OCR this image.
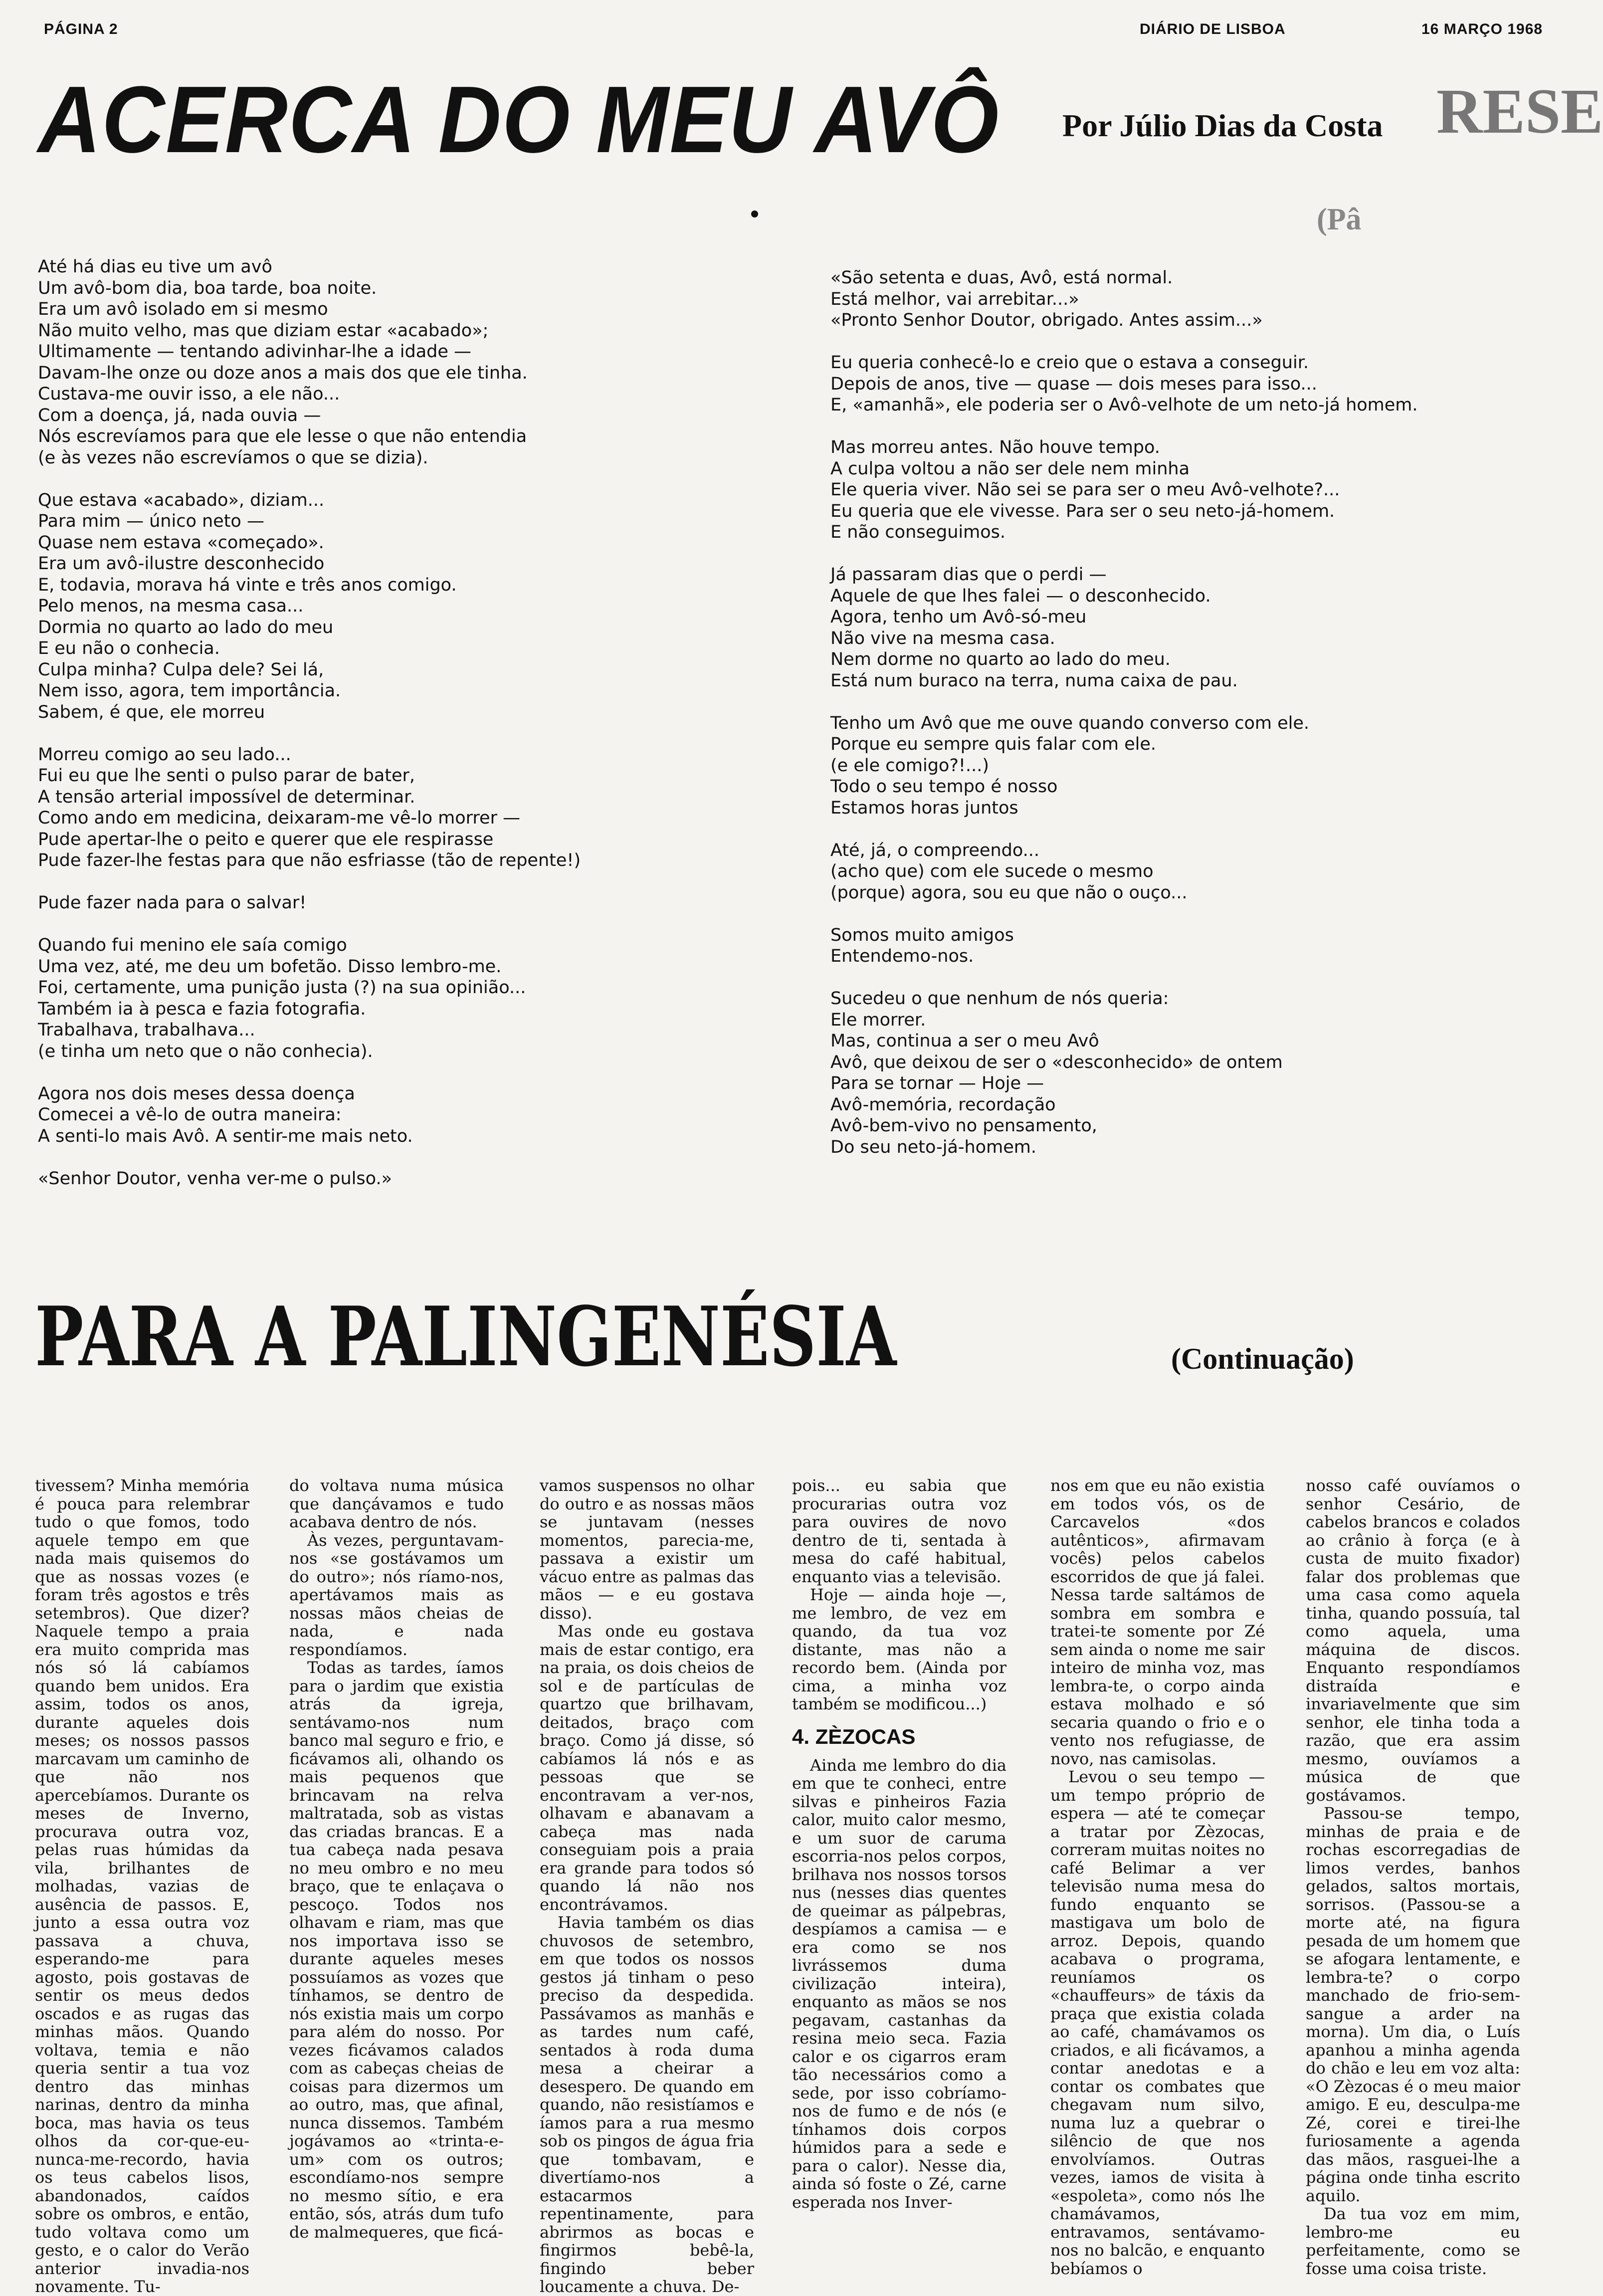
PÁGINA 2	DIÁRIO DE LISBOA	16 MARÇO 1968
ACERCA DO MEU AVÔ Por Júlio Dias da Costa RESE
(Pâ
Até há dias eu tive um avô
Um avô-bom dia, boa tarde, boa noite.
Era um avô isolado em si mesmo
Não muito velho, mas que diziam estar «acabado»;
Ultimamente — tentando adivinhar-lhe a idade —
Davam-lhe onze ou doze anos a mais dos que ele tinha.
Custava-me ouvir isso, a ele não...
Com a doença, já, nada ouvia —
Nós escrevíamos para que ele lesse o que não entendia
(e às vezes não escrevíamos o que se dizia).
Que estava «acabado», diziam...
Para mim — único neto —
Quase nem estava «começado».
Era um avô-ilustre desconhecido
E, todavia, morava há vinte e três anos comigo.
Pelo menos, na mesma casa...
Dormia no quarto ao lado do meu
E eu não o conhecia.
Culpa minha? Culpa dele? Sei lá,
Nem isso, agora, tem importância.
Sabem, é que, ele morreu
Morreu comigo ao seu lado...
Fui eu que lhe senti o pulso parar de bater,
A tensão arterial impossível de determinar.
Como ando em medicina, deixaram-me vê-lo morrer —
Pude apertar-lhe o peito e querer que ele respirasse
Pude fazer-lhe festas para que não esfriasse (tão de repente!)
Pude fazer nada para o salvar!
Quando fui menino ele saía comigo
Uma vez, até, me deu um bofetão. Disso lembro-me.
Foi, certamente, uma punição justa (?) na sua opinião...
Também ia à pesca e fazia fotografia.
Trabalhava, trabalhava...
(e tinha um neto que o não conhecia).
Agora nos dois meses dessa doença
Comecei a vê-lo de outra maneira:
A senti-lo mais Avô. A sentir-me mais neto.
«Senhor Doutor, venha ver-me o pulso.»
«São setenta e duas, Avô, está normal.
Está melhor, vai arrebitar...»
«Pronto Senhor Doutor, obrigado. Antes assim...»
Eu queria conhecê-lo e creio que o estava a conseguir.
Depois de anos, tive — quase — dois meses para isso...
E, «amanhã», ele poderia ser o Avô-velhote de um neto-já homem.
Mas morreu antes. Não houve tempo.
A culpa voltou a não ser dele nem minha
Ele queria viver. Não sei se para ser o meu Avô-velhote?...
Eu queria que ele vivesse. Para ser o seu neto-já-homem.
E não conseguimos.
Já passaram dias que o perdi —
Aquele de que lhes falei — o desconhecido.
Agora, tenho um Avô-só-meu
Não vive na mesma casa.
Nem dorme no quarto ao lado do meu.
Está num buraco na terra, numa caixa de pau.
Tenho um Avô que me ouve quando converso com ele.
Porque eu sempre quis falar com ele.
(e ele comigo?!...)
Todo o seu tempo é nosso
Estamos horas juntos
Até, já, o compreendo...
(acho que) com ele sucede o mesmo
(porque) agora, sou eu que não o ouço...
Somos muito amigos
Entendemo-nos.
Sucedeu o que nenhum de nós queria:
Ele morrer.
Mas, continua a ser o meu Avô
Avô, que deixou de ser o «desconhecido» de ontem
Para se tornar — Hoje —
Avô-memória, recordação
Avô-bem-vivo no pensamento,
Do seu neto-já-homem.
PARA A PALINGENÉSIA	(Continuação)

tivessem? Minha memória é pouca para relembrar tudo o que fomos, todo aquele tempo em que nada mais quisemos do que as nossas vozes (e foram três agostos e três setembros). Que dizer? Naquele tempo a praia era muito comprida mas nós só lá cabíamos quando bem unidos. Era assim, todos os anos, durante aqueles dois meses; os nossos passos marcavam um caminho de que não nos apercebíamos. Durante os meses de Inverno, procurava outra voz, pelas ruas húmidas da vila, brilhantes de molhadas, vazias de ausência de passos. E, junto a essa outra voz passava a chuva, esperando-me para agosto, pois gostavas de sentir os meus dedos oscados e as rugas das minhas mãos. Quando voltava, temia e não queria sentir a tua voz dentro das minhas narinas, dentro da minha boca, mas havia os teus olhos da cor-que-eu-nunca-me-recordo, havia os teus cabelos lisos, abandonados, caídos sobre os ombros, e então, tudo voltava como um gesto, e o calor do Verão anterior invadia-nos novamente. Tu-

do voltava numa música que dançávamos e tudo acabava dentro de nós.

Às vezes, perguntavam-nos «se gostávamos um do outro»; nós ríamo-nos, apertávamos mais as nossas mãos cheias de nada, e nada respondíamos.

Todas as tardes, íamos para o jardim que existia atrás da igreja, sentávamo-nos num banco mal seguro e frio, e ficávamos ali, olhando os mais pequenos que brincavam na relva maltratada, sob as vistas das criadas brancas. E a tua cabeça nada pesava no meu ombro e no meu braço, que te enlaçava o pescoço. Todos nos olhavam e riam, mas que nos importava isso se durante aqueles meses possuíamos as vozes que tínhamos, se dentro de nós existia mais um corpo para além do nosso. Por vezes ficávamos calados com as cabeças cheias de coisas para dizermos um ao outro, mas, que afinal, nunca dissemos. Também jogávamos ao «trinta-e-um» com os outros; escondíamo-nos sempre no mesmo sítio, e era então, sós, atrás dum tufo de malmequeres, que ficá-

vamos suspensos no olhar do outro e as nossas mãos se juntavam (nesses momentos, parecia-me, passava a existir um vácuo entre as palmas das mãos — e eu gostava disso).

Mas onde eu gostava mais de estar contigo, era na praia, os dois cheios de sol e de partículas de quartzo que brilhavam, deitados, braço com braço. Como já disse, só cabíamos lá nós e as pessoas que se encontravam a ver-nos, olhavam e abanavam a cabeça mas nada conseguiam pois a praia era grande para todos só quando lá não nos encontrávamos.

Havia também os dias chuvosos de setembro, em que todos os nossos gestos já tinham o peso preciso da despedida. Passávamos as manhãs e as tardes num café, sentados à roda duma mesa a cheirar a desespero. De quando em quando, não resistíamos e íamos para a rua mesmo sob os pingos de água fria que tombavam, e divertíamo-nos a estacarmos repentinamente, para abrirmos as bocas e fingirmos bebê-la, fingindo beber loucamente a chuva. De-

pois... eu sabia que procurarias outra voz para ouvires de novo dentro de ti, sentada à mesa do café habitual, enquanto vias a televisão.

Hoje — ainda hoje —, me lembro, de vez em quando, da tua voz distante, mas não a recordo bem. (Ainda por cima, a minha voz também se modificou...)

4. ZÈZOCAS

Ainda me lembro do dia em que te conheci, entre silvas e pinheiros Fazia calor, muito calor mesmo, e um suor de caruma escorria-nos pelos corpos, brilhava nos nossos torsos nus (nesses dias quentes de queimar as pálpebras, despíamos a camisa — e era como se nos livrássemos duma civilização inteira), enquanto as mãos se nos pegavam, castanhas da resina meio seca. Fazia calor e os cigarros eram tão necessários como a sede, por isso cobríamo-nos de fumo e de nós (e tínhamos dois corpos húmidos para a sede e para o calor). Nesse dia, ainda só foste o Zé, carne esperada nos Inver-

nos em que eu não existia em todos vós, os de Carcavelos «dos autênticos», afirmavam vocês) pelos cabelos escorridos de que já falei. Nessa tarde saltámos de sombra em sombra e tratei-te somente por Zé sem ainda o nome me sair inteiro de minha voz, mas lembra-te, o corpo ainda estava molhado e só secaria quando o frio e o vento nos refugiasse, de novo, nas camisolas.

Levou o seu tempo — um tempo próprio de espera — até te começar a tratar por Zèzocas, correram muitas noites no café Belimar a ver televisão numa mesa do fundo enquanto se mastigava um bolo de arroz. Depois, quando acabava o programa, reuníamos os «chauffeurs» de táxis da praça que existia colada ao café, chamávamos os criados, e ali ficávamos, a contar anedotas e a contar os combates que chegavam num silvo, numa luz a quebrar o silêncio de que nos envolvíamos. Outras vezes, iamos de visita à «espoleta», como nós lhe chamávamos, entravamos, sentávamo-nos no balcão, e enquanto bebíamos o

nosso café ouvíamos o senhor Cesário, de cabelos brancos e colados ao crânio à força (e à custa de muito fixador) falar dos problemas que uma casa como aquela tinha, quando possuía, tal como aquela, uma máquina de discos. Enquanto respondíamos distraída e invariavelmente que sim senhor, ele tinha toda a razão, que era assim mesmo, ouvíamos a música de que gostávamos.

Passou-se tempo, minhas de praia e de rochas escorregadias de limos verdes, banhos gelados, saltos mortais, sorrisos. (Passou-se a morte até, na figura pesada de um homem que se afogara lentamente, e lembra-te? o corpo manchado de frio-sem-sangue a arder na morna). Um dia, o Luís apanhou a minha agenda do chão e leu em voz alta: «O Zèzocas é o meu maior amigo. E eu, desculpa-me Zé, corei e tirei-lhe furiosamente a agenda das mãos, rasguei-lhe a página onde tinha escrito aquilo.

Da tua voz em mim, lembro-me eu perfeitamente, como se fosse uma coisa triste.
